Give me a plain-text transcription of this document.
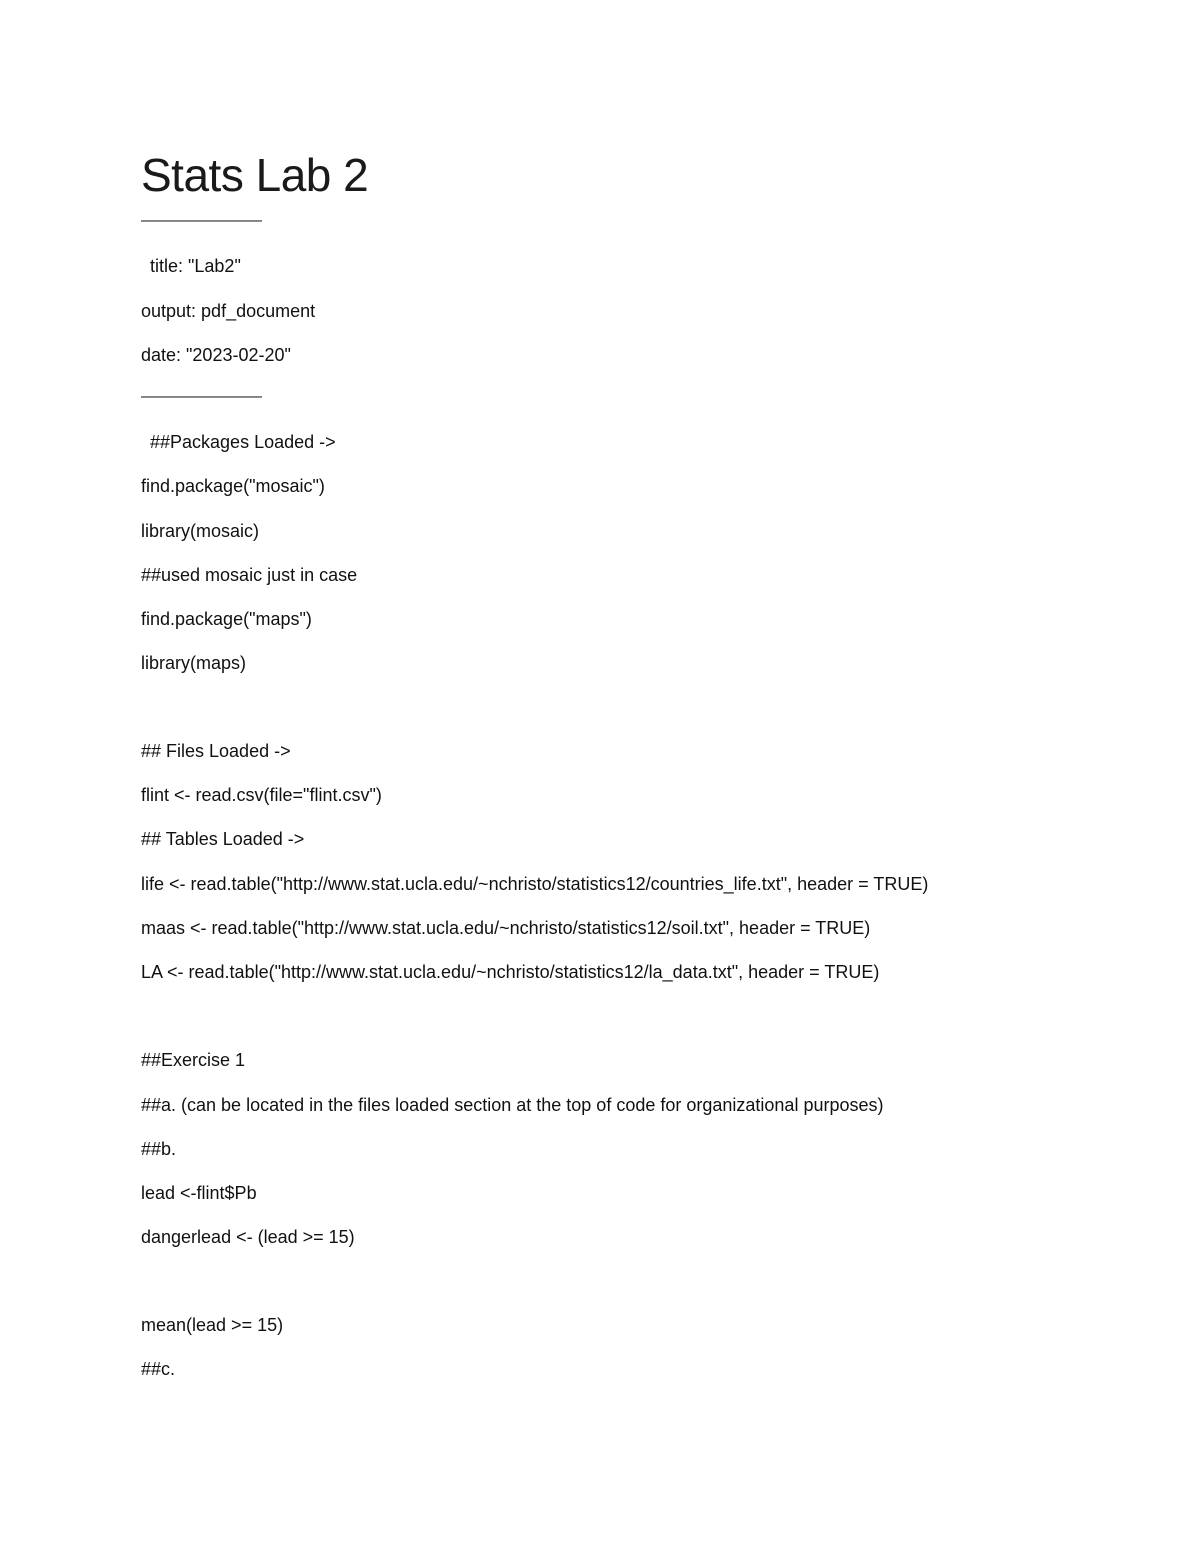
Stats Lab 2
————————
title: "Lab2"
output: pdf_document
date: "2023-02-20"
————————
##Packages Loaded ->
find.package("mosaic")
library(mosaic)
##used mosaic just in case
find.package("maps")
library(maps)
## Files Loaded ->
flint <- read.csv(file="flint.csv")
## Tables Loaded ->
life <- read.table("http://www.stat.ucla.edu/~nchristo/statistics12/countries_life.txt", header = TRUE)
maas <- read.table("http://www.stat.ucla.edu/~nchristo/statistics12/soil.txt", header = TRUE)
LA <- read.table("http://www.stat.ucla.edu/~nchristo/statistics12/la_data.txt", header = TRUE)
##Exercise 1
##a. (can be located in the files loaded section at the top of code for organizational purposes)
##b.
lead <-flint$Pb
dangerlead <- (lead >= 15)
mean(lead >= 15)
##c.
